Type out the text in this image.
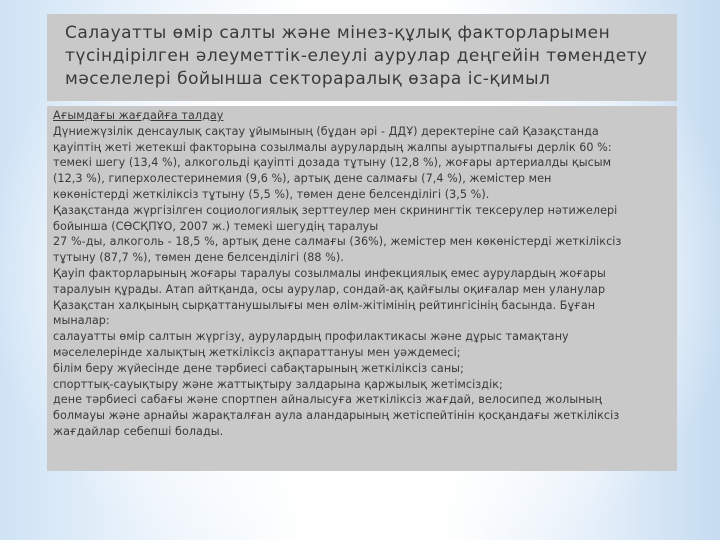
Салауатты өмір салты және мінез-құлық факторларымен
түсіндірілген әлеуметтік-елеулі аурулар деңгейін төмендету
мәселелері бойынша сектораралық өзара іс-қимыл
Ағымдағы жағдайға талдау
Дүниежүзілік денсаулық сақтау ұйымының (бұдан әрі - ДДҰ) деректеріне сай Қазақстанда
қауіптің жеті жетекші факторына созылмалы аурулардың жалпы ауыртпалығы дерлік 60 %:
темекі шегу (13,4 %), алкогольді қауіпті дозада тұтыну (12,8 %), жоғары артериалды қысым
(12,3 %), гиперхолестеринемия (9,6 %), артық дене салмағы (7,4 %), жемістер мен
көкөністерді жеткіліксіз тұтыну (5,5 %), төмен дене белсенділігі (3,5 %).
Қазақстанда жүргізілген социологиялық зерттеулер мен скринингтік тексерулер нәтижелері
бойынша (СӨСҚПҰО, 2007 ж.) темекі шегудің таралуы
27 %-ды, алкоголь - 18,5 %, артық дене салмағы (36%), жемістер мен көкөністерді жеткіліксіз
тұтыну (87,7 %), төмен дене белсенділігі (88 %).
Қауіп факторларының жоғары таралуы созылмалы инфекциялық емес аурулардың жоғары
таралуын құрады. Атап айтқанда, осы аурулар, сондай-ақ қайғылы оқиғалар мен уланулар
Қазақстан халқының сырқаттанушылығы мен өлім-жітімінің рейтингісінің басында. Бұған
мыналар:
салауатты өмір салтын жүргізу, аурулардың профилактикасы және дұрыс тамақтану
мәселелерінде халықтың жеткіліксіз ақпараттануы мен уәждемесі;
білім беру жүйесінде дене тәрбиесі сабақтарының жеткіліксіз саны;
спорттық-сауықтыру және жаттықтыру залдарына қаржылық жетімсіздік;
дене тәрбиесі сабағы және спортпен айналысуға жеткіліксіз жағдай, велосипед жолының
болмауы және арнайы жарақталған аула аландарының жетіспейтінін қосқандағы жеткіліксіз
жағдайлар себепші болады.
